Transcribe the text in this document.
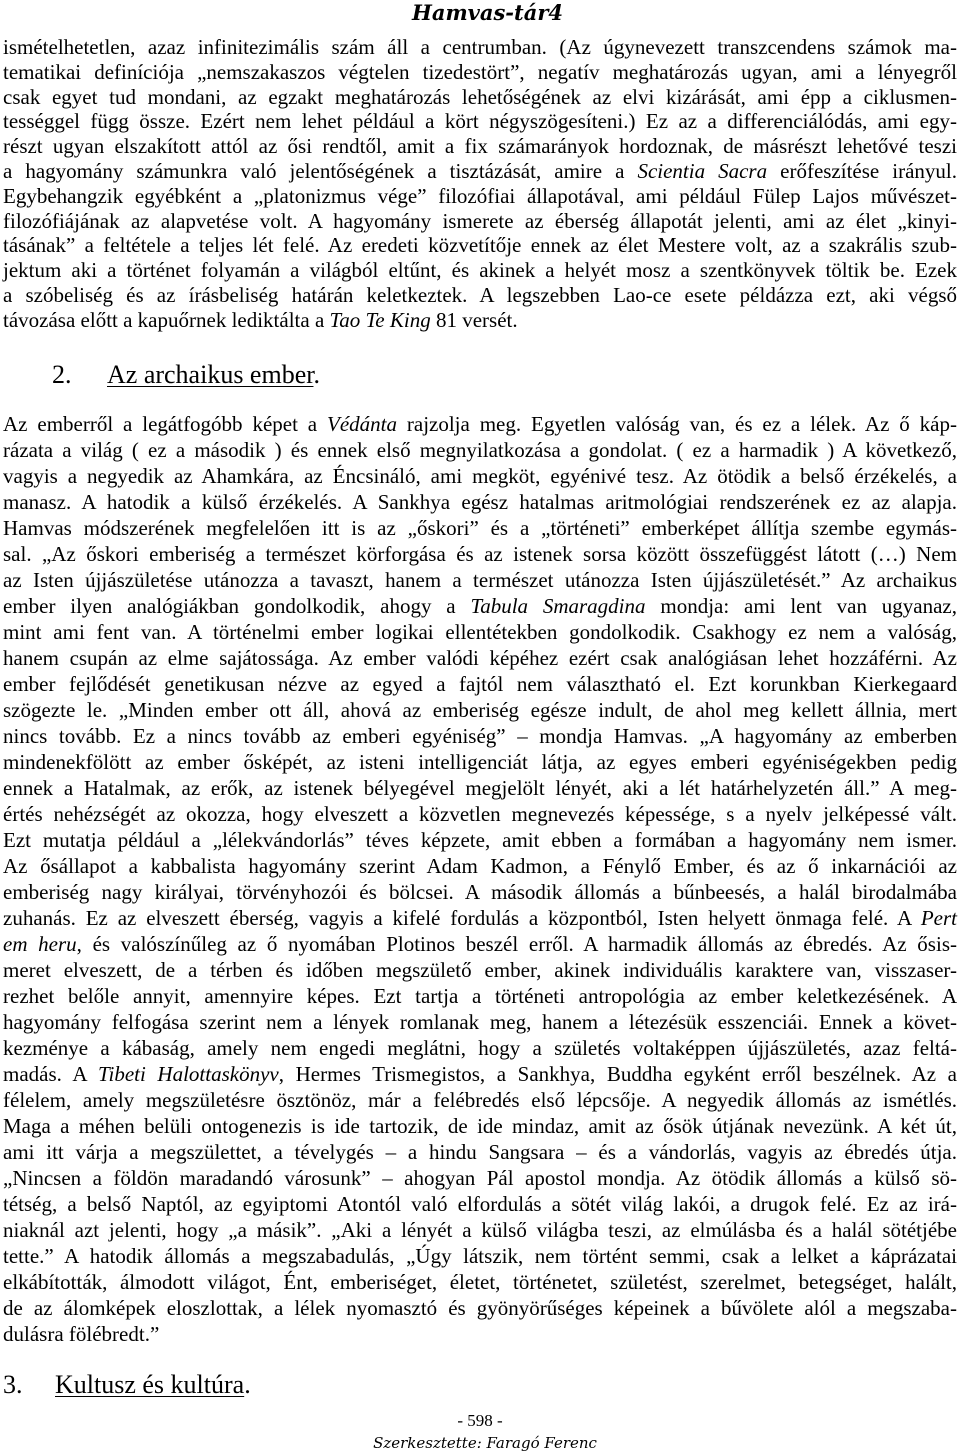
Hamvas-tár4
ismételhetetlen, azaz infinitezimális szám áll a centrumban. (Az úgynevezett transzcendens számok ma-
tematikai definíciója „nemszakaszos végtelen tizedestört”, negatív meghatározás ugyan, ami a lényegről
csak egyet tud mondani, az egzakt meghatározás lehetőségének az elvi kizárását, ami épp a ciklusmen-
tességgel függ össze. Ezért nem lehet például a kört négyszögesíteni.) Ez az a differenciálódás, ami egy-
részt ugyan elszakított attól az ősi rendtől, amit a fix számarányok hordoznak, de másrészt lehetővé teszi
a hagyomány számunkra való jelentőségének a tisztázását, amire a Scientia Sacra erőfeszítése irányul.
Egybehangzik egyébként a „platonizmus vége” filozófiai állapotával, ami például Fülep Lajos művészet-
filozófiájának az alapvetése volt. A hagyomány ismerete az éberség állapotát jelenti, ami az élet „kinyi-
tásának” a feltétele a teljes lét felé. Az eredeti közvetítője ennek az élet Mestere volt, az a szakrális szub-
jektum aki a történet folyamán a világból eltűnt, és akinek a helyét mosz a szentkönyvek töltik be. Ezek
a szóbeliség és az írásbeliség határán keletkeztek. A legszebben Lao-ce esete példázza ezt, aki végső
távozása előtt a kapuőrnek lediktálta a Tao Te King 81 versét.
2. Az archaikus ember.
Az emberről a legátfogóbb képet a Védánta rajzolja meg. Egyetlen valóság van, és ez a lélek. Az ő káp-
rázata a világ ( ez a második ) és ennek első megnyilatkozása a gondolat. ( ez a harmadik ) A következő,
vagyis a negyedik az Ahamkára, az Éncsináló, ami megköt, egyénivé tesz. Az ötödik a belső érzékelés, a
manasz. A hatodik a külső érzékelés. A Sankhya egész hatalmas aritmológiai rendszerének ez az alapja.
Hamvas módszerének megfelelően itt is az „őskori” és a „történeti” emberképet állítja szembe egymás-
sal. „Az őskori emberiség a természet körforgása és az istenek sorsa között összefüggést látott (…) Nem
az Isten újjászületése utánozza a tavaszt, hanem a természet utánozza Isten újjászületését.” Az archaikus
ember ilyen analógiákban gondolkodik, ahogy a Tabula Smaragdina mondja: ami lent van ugyanaz,
mint ami fent van. A történelmi ember logikai ellentétekben gondolkodik. Csakhogy ez nem a valóság,
hanem csupán az elme sajátossága. Az ember valódi képéhez ezért csak analógiásan lehet hozzáférni. Az
ember fejlődését genetikusan nézve az egyed a fajtól nem választható el. Ezt korunkban Kierkegaard
szögezte le. „Minden ember ott áll, ahová az emberiség egésze indult, de ahol meg kellett állnia, mert
nincs tovább. Ez a nincs tovább az emberi egyéniség” – mondja Hamvas. „A hagyomány az emberben
mindenekfölött az ember ősképét, az isteni intelligenciát látja, az egyes emberi egyéniségekben pedig
ennek a Hatalmak, az erők, az istenek bélyegével megjelölt lényét, aki a lét határhelyzetén áll.” A meg-
értés nehézségét az okozza, hogy elveszett a közvetlen megnevezés képessége, s a nyelv jelképessé vált.
Ezt mutatja például a „lélekvándorlás” téves képzete, amit ebben a formában a hagyomány nem ismer.
Az ősállapot a kabbalista hagyomány szerint Adam Kadmon, a Fénylő Ember, és az ő inkarnációi az
emberiség nagy királyai, törvényhozói és bölcsei. A második állomás a bűnbeesés, a halál birodalmába
zuhanás. Ez az elveszett éberség, vagyis a kifelé fordulás a központból, Isten helyett önmaga felé. A Pert
em heru, és valószínűleg az ő nyomában Plotinos beszél erről. A harmadik állomás az ébredés. Az ősis-
meret elveszett, de a térben és időben megszülető ember, akinek individuális karaktere van, visszaser-
rezhet belőle annyit, amennyire képes. Ezt tartja a történeti antropológia az ember keletkezésének. A
hagyomány felfogása szerint nem a lények romlanak meg, hanem a létezésük esszenciái. Ennek a követ-
kezménye a kábaság, amely nem engedi meglátni, hogy a születés voltaképpen újjászületés, azaz feltá-
madás. A Tibeti Halottaskönyv, Hermes Trismegistos, a Sankhya, Buddha egyként erről beszélnek. Az a
félelem, amely megszületésre ösztönöz, már a felébredés első lépcsője. A negyedik állomás az ismétlés.
Maga a méhen belüli ontogenezis is ide tartozik, de ide mindaz, amit az ősök útjának nevezünk. A két út,
ami itt várja a megszülettet, a tévelygés – a hindu Sangsara – és a vándorlás, vagyis az ébredés útja.
„Nincsen a földön maradandó városunk” – ahogyan Pál apostol mondja. Az ötödik állomás a külső sö-
tétség, a belső Naptól, az egyiptomi Atontól való elfordulás a sötét világ lakói, a drugok felé. Ez az irá-
niaknál azt jelenti, hogy „a másik”. „Aki a lényét a külső világba teszi, az elmúlásba és a halál sötétjébe
tette.” A hatodik állomás a megszabadulás, „Úgy látszik, nem történt semmi, csak a lelket a káprázatai
elkábították, álmodott világot, Ént, emberiséget, életet, történetet, születést, szerelmet, betegséget, halált,
de az álomképek eloszlottak, a lélek nyomasztó és gyönyörűséges képeinek a bűvölete alól a megszaba-
dulásra fölébredt.”
3. Kultusz és kultúra.
- 598 -
Szerkesztette: Faragó Ferenc
